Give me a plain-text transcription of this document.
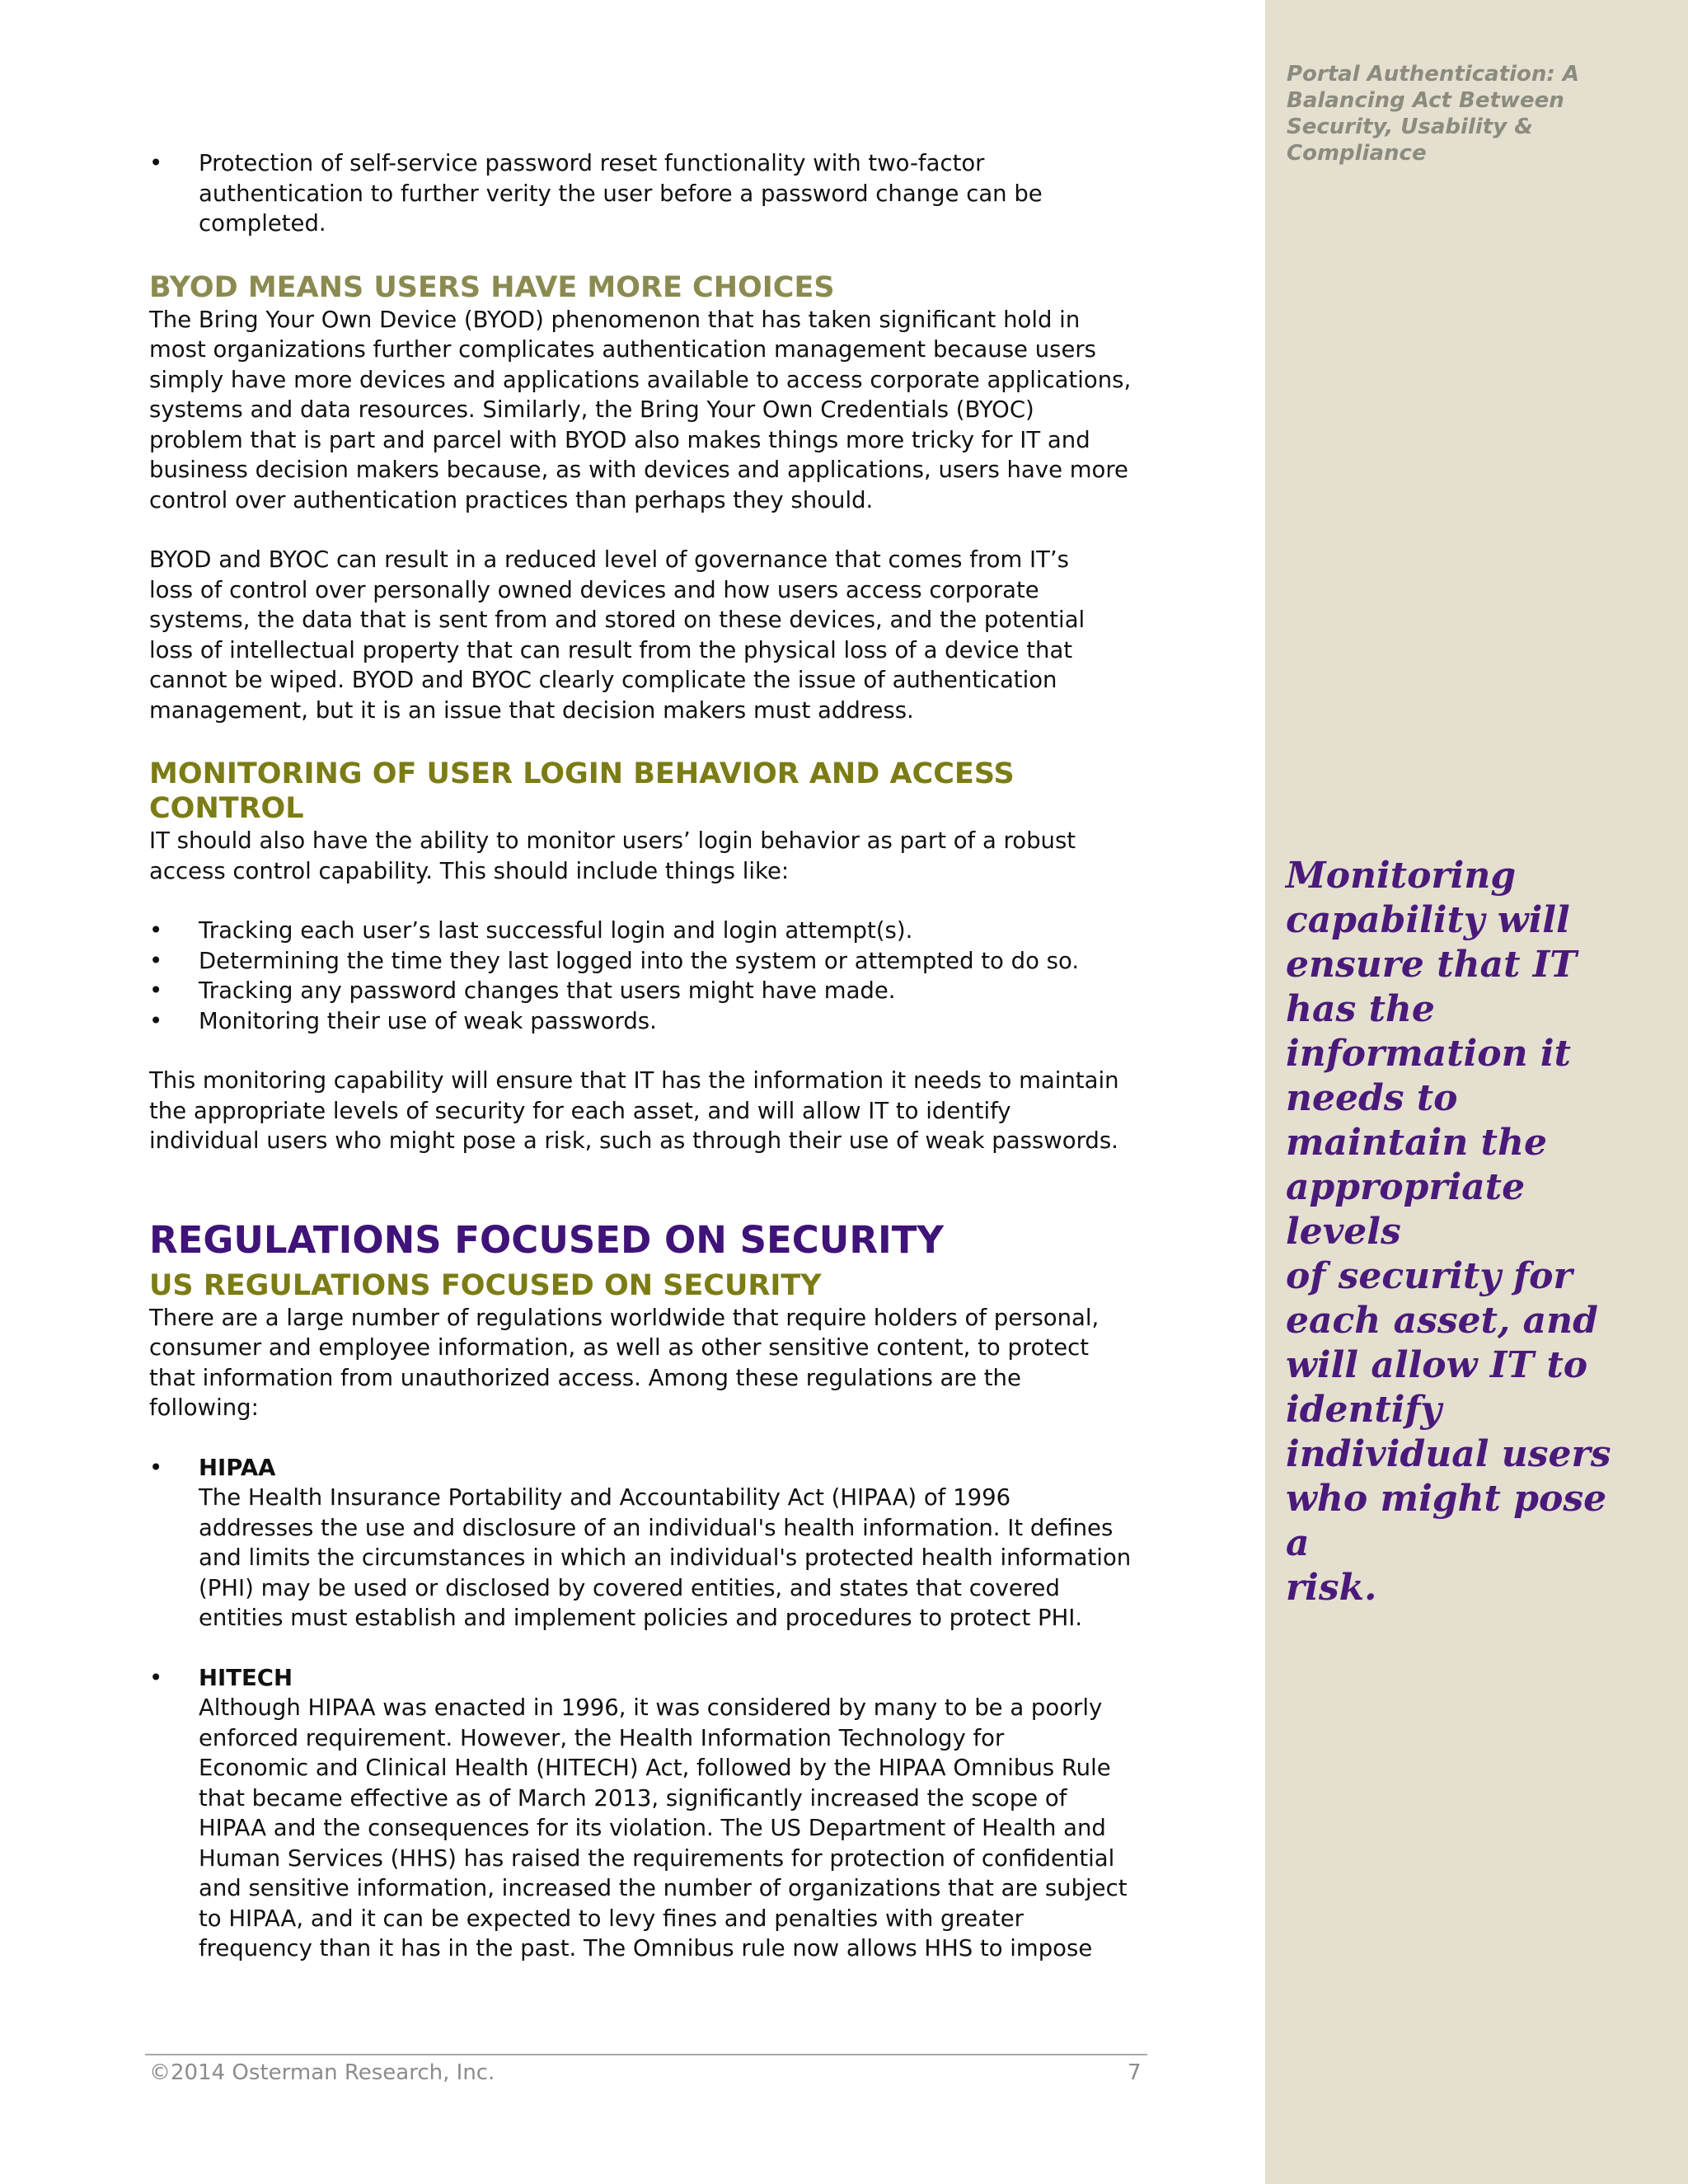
Portal Authentication: A
Balancing Act Between
Security, Usability &
Compliance
Monitoring
capability will
ensure that IT
has the
information it
needs to
maintain the
appropriate levels
of security for
each asset, and
will allow IT to
identify
individual users
who might pose a
risk.
• Protection of self-service password reset functionality with two-factor
authentication to further verity the user before a password change can be
completed.
BYOD MEANS USERS HAVE MORE CHOICES

The Bring Your Own Device (BYOD) phenomenon that has taken significant hold in
most organizations further complicates authentication management because users
simply have more devices and applications available to access corporate applications,
systems and data resources. Similarly, the Bring Your Own Credentials (BYOC)
problem that is part and parcel with BYOD also makes things more tricky for IT and
business decision makers because, as with devices and applications, users have more
control over authentication practices than perhaps they should.

BYOD and BYOC can result in a reduced level of governance that comes from IT’s
loss of control over personally owned devices and how users access corporate
systems, the data that is sent from and stored on these devices, and the potential
loss of intellectual property that can result from the physical loss of a device that
cannot be wiped. BYOD and BYOC clearly complicate the issue of authentication
management, but it is an issue that decision makers must address.

MONITORING OF USER LOGIN BEHAVIOR AND ACCESS
CONTROL

IT should also have the ability to monitor users’ login behavior as part of a robust
access control capability. This should include things like:

• Tracking each user’s last successful login and login attempt(s).
• Determining the time they last logged into the system or attempted to do so.
• Tracking any password changes that users might have made.
• Monitoring their use of weak passwords.

This monitoring capability will ensure that IT has the information it needs to maintain
the appropriate levels of security for each asset, and will allow IT to identify
individual users who might pose a risk, such as through their use of weak passwords.

REGULATIONS FOCUSED ON SECURITY
US REGULATIONS FOCUSED ON SECURITY

There are a large number of regulations worldwide that require holders of personal,
consumer and employee information, as well as other sensitive content, to protect
that information from unauthorized access. Among these regulations are the
following:

• HIPAA
The Health Insurance Portability and Accountability Act (HIPAA) of 1996
addresses the use and disclosure of an individual's health information. It defines
and limits the circumstances in which an individual's protected health information
(PHI) may be used or disclosed by covered entities, and states that covered
entities must establish and implement policies and procedures to protect PHI.
• HITECH
Although HIPAA was enacted in 1996, it was considered by many to be a poorly
enforced requirement. However, the Health Information Technology for
Economic and Clinical Health (HITECH) Act, followed by the HIPAA Omnibus Rule
that became effective as of March 2013, significantly increased the scope of
HIPAA and the consequences for its violation. The US Department of Health and
Human Services (HHS) has raised the requirements for protection of confidential
and sensitive information, increased the number of organizations that are subject
to HIPAA, and it can be expected to levy fines and penalties with greater
frequency than it has in the past. The Omnibus rule now allows HHS to impose
©2014 Osterman Research, Inc.	7
